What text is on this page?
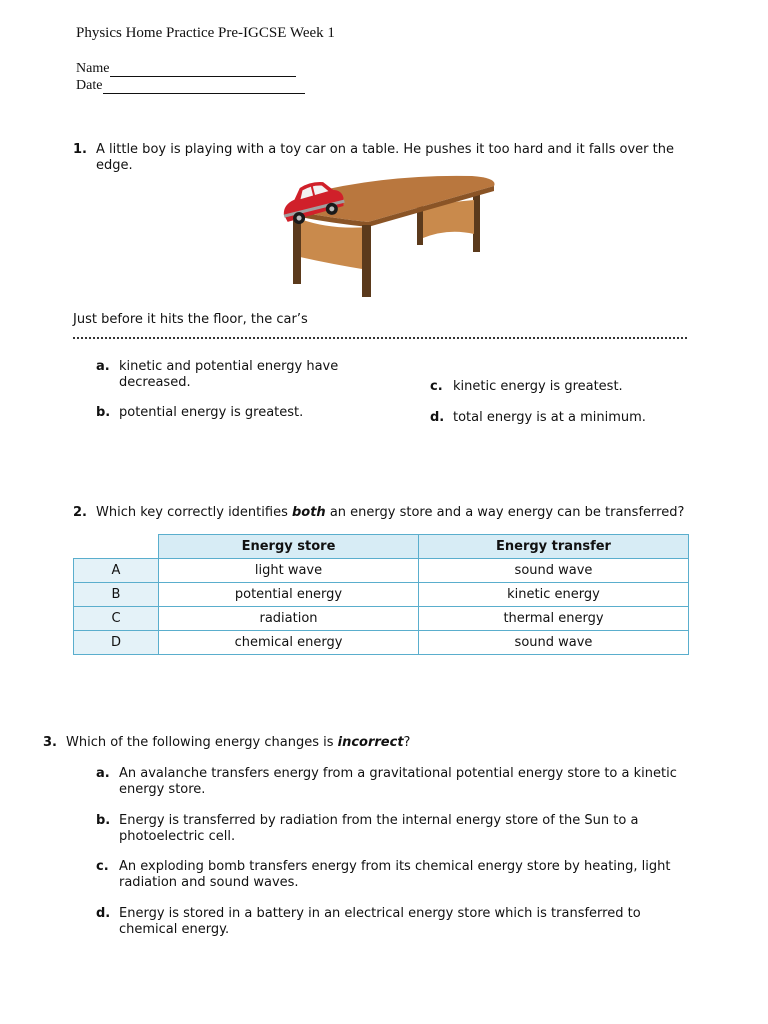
Physics Home Practice Pre-IGCSE Week 1
Name
Date
1. A little boy is playing with a toy car on a table. He pushes it too hard and it falls over the edge.
Just before it hits the floor, the car’s
a. kinetic and potential energy have decreased.
b. potential energy is greatest.
c. kinetic energy is greatest.
d. total energy is at a minimum.
2. Which key correctly identifies both an energy store and a way energy can be transferred?
	Energy store	Energy transfer
A	light wave	sound wave
B	potential energy	kinetic energy
C	radiation	thermal energy
D	chemical energy	sound wave
3. Which of the following energy changes is incorrect?
a. An avalanche transfers energy from a gravitational potential energy store to a kinetic energy store.
b. Energy is transferred by radiation from the internal energy store of the Sun to a photoelectric cell.
c. An exploding bomb transfers energy from its chemical energy store by heating, light radiation and sound waves.
d. Energy is stored in a battery in an electrical energy store which is transferred to chemical energy.
